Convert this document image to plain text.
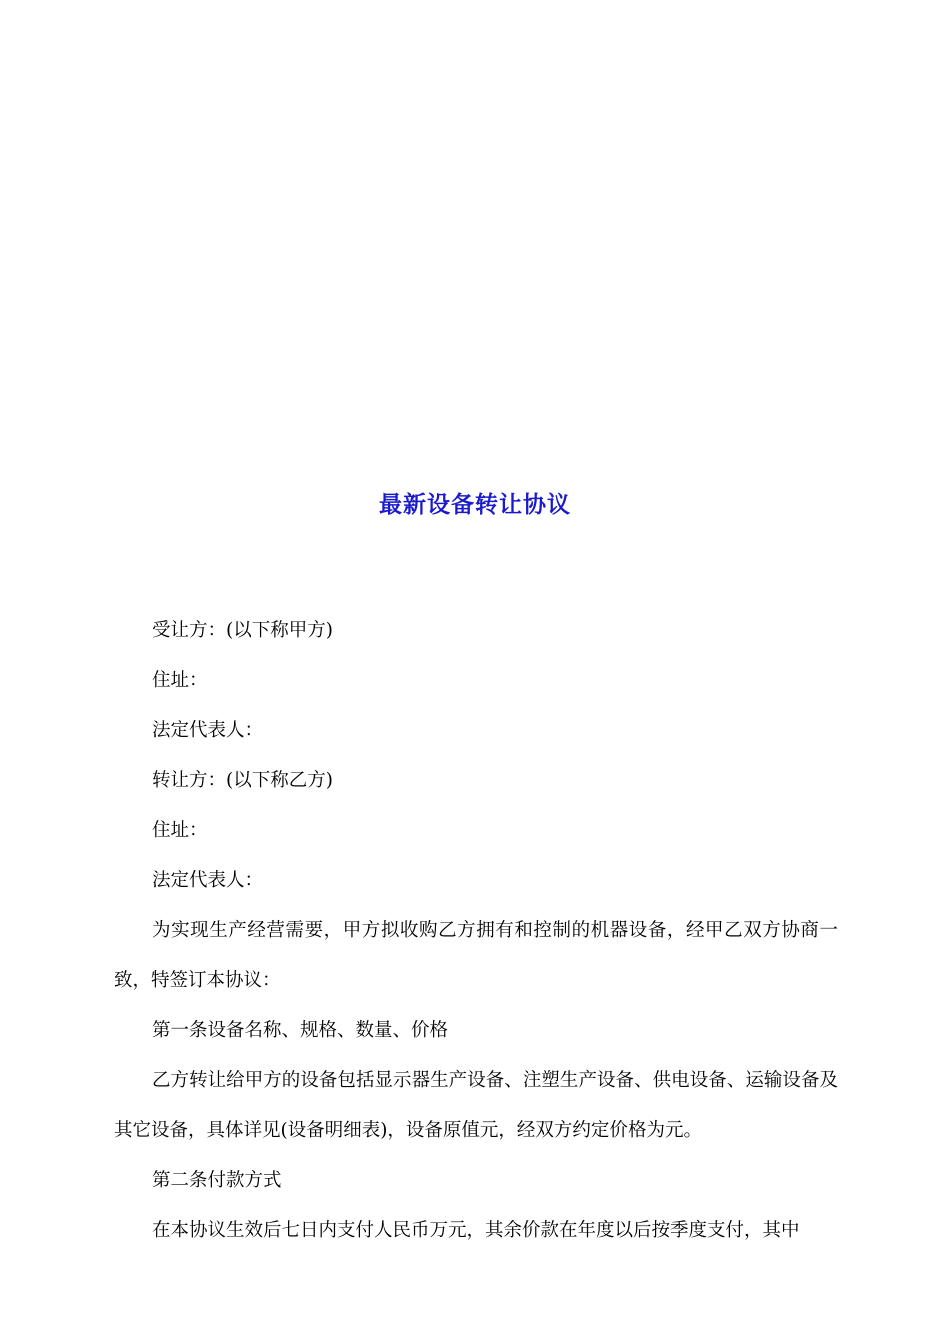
最新设备转让协议

受让方：(以下称甲方)

住址：

法定代表人：

转让方：(以下称乙方)

住址：

法定代表人：

为实现生产经营需要，甲方拟收购乙方拥有和控制的机器设备，经甲乙双方协商一致，特签订本协议：

第一条设备名称、规格、数量、价格

乙方转让给甲方的设备包括显示器生产设备、注塑生产设备、供电设备、运输设备及其它设备，具体详见(设备明细表)，设备原值元，经双方约定价格为元。

第二条付款方式

在本协议生效后七日内支付人民币万元，其余价款在年度以后按季度支付，其中
